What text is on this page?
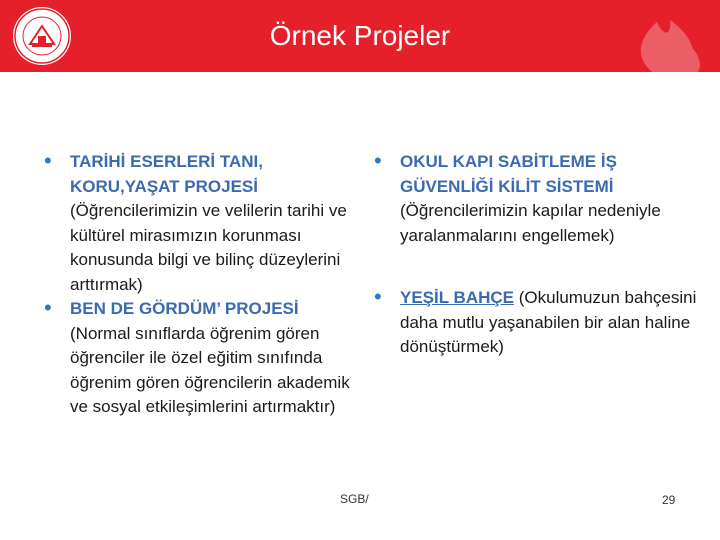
Örnek Projeler
• TARİHİ ESERLERİ TANI, KORU,YAŞAT PROJESİ (Öğrencilerimizin ve velilerin tarihi ve kültürel mirasımızın korunması konusunda bilgi ve bilinç düzeylerini arttırmak)
• BEN DE GÖRDÜM’ PROJESİ (Normal sınıflarda öğrenim gören öğrenciler ile özel eğitim sınıfında öğrenim gören öğrencilerin akademik ve sosyal etkileşimlerini artırmaktır)
• OKUL KAPI SABİTLEME İŞ GÜVENLİĞİ KİLİT SİSTEMİ (Öğrencilerimizin kapılar nedeniyle yaralanmalarını engellemek)
• YEŞİL BAHÇE (Okulumuzun bahçesini daha mutlu yaşanabilen bir alan haline dönüştürmek)
SGB/	29
